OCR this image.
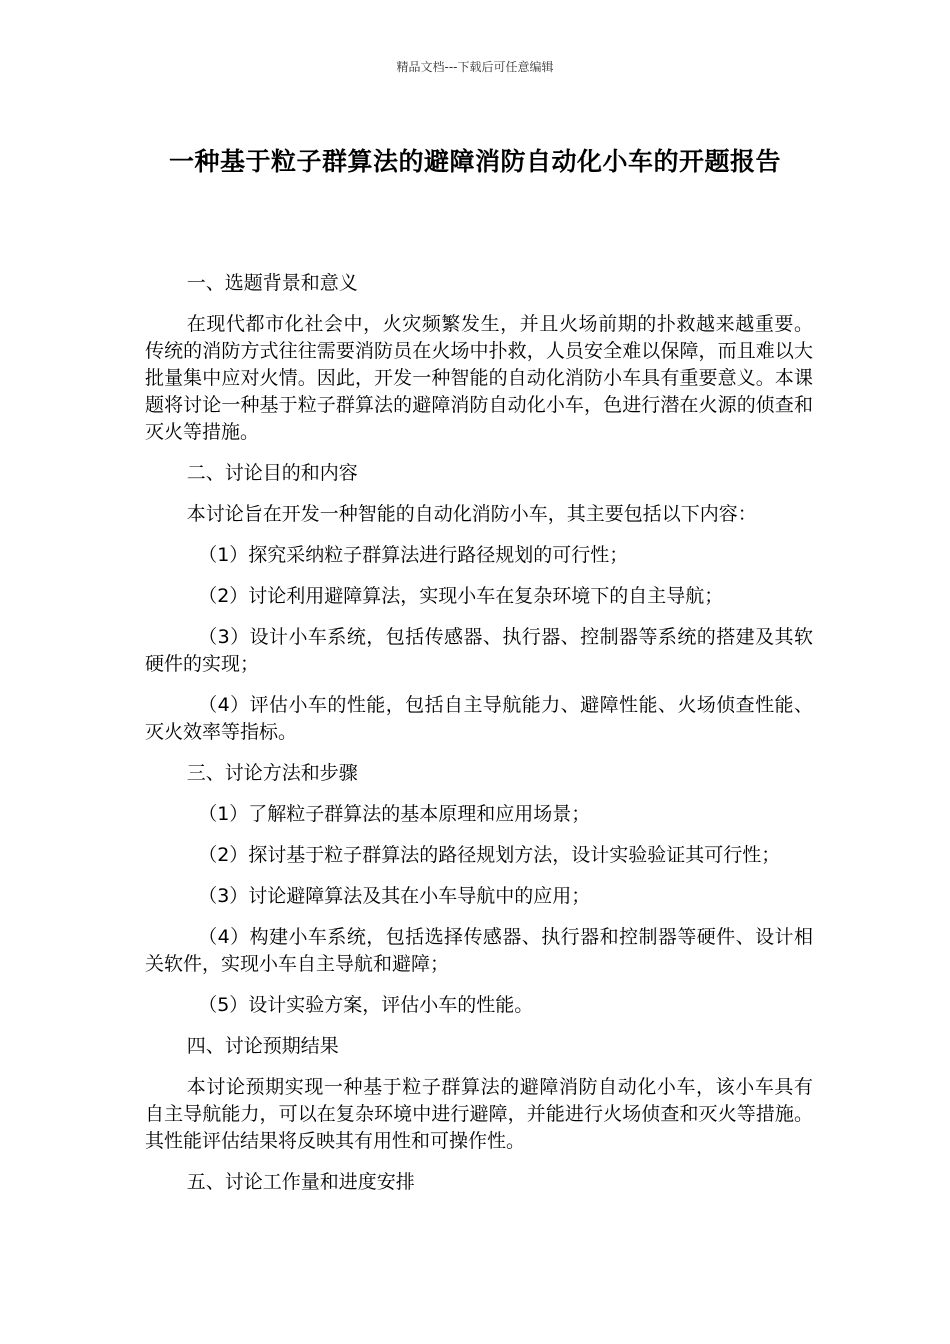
精品文档---下载后可任意编辑
一种基于粒子群算法的避障消防自动化小车的开题报告

一、选题背景和意义

在现代都市化社会中，火灾频繁发生，并且火场前期的扑救越来越重要。传统的消防方式往往需要消防员在火场中扑救，人员安全难以保障，而且难以大批量集中应对火情。因此，开发一种智能的自动化消防小车具有重要意义。本课题将讨论一种基于粒子群算法的避障消防自动化小车，色进行潜在火源的侦查和灭火等措施。

二、讨论目的和内容

本讨论旨在开发一种智能的自动化消防小车，其主要包括以下内容：

（1）探究采纳粒子群算法进行路径规划的可行性；

（2）讨论利用避障算法，实现小车在复杂环境下的自主导航；

（3）设计小车系统，包括传感器、执行器、控制器等系统的搭建及其软硬件的实现；

（4）评估小车的性能，包括自主导航能力、避障性能、火场侦查性能、灭火效率等指标。

三、讨论方法和步骤

（1）了解粒子群算法的基本原理和应用场景；

（2）探讨基于粒子群算法的路径规划方法，设计实验验证其可行性；

（3）讨论避障算法及其在小车导航中的应用；

（4）构建小车系统，包括选择传感器、执行器和控制器等硬件、设计相关软件，实现小车自主导航和避障；

（5）设计实验方案，评估小车的性能。

四、讨论预期结果

本讨论预期实现一种基于粒子群算法的避障消防自动化小车，该小车具有自主导航能力，可以在复杂环境中进行避障，并能进行火场侦查和灭火等措施。其性能评估结果将反映其有用性和可操作性。

五、讨论工作量和进度安排
